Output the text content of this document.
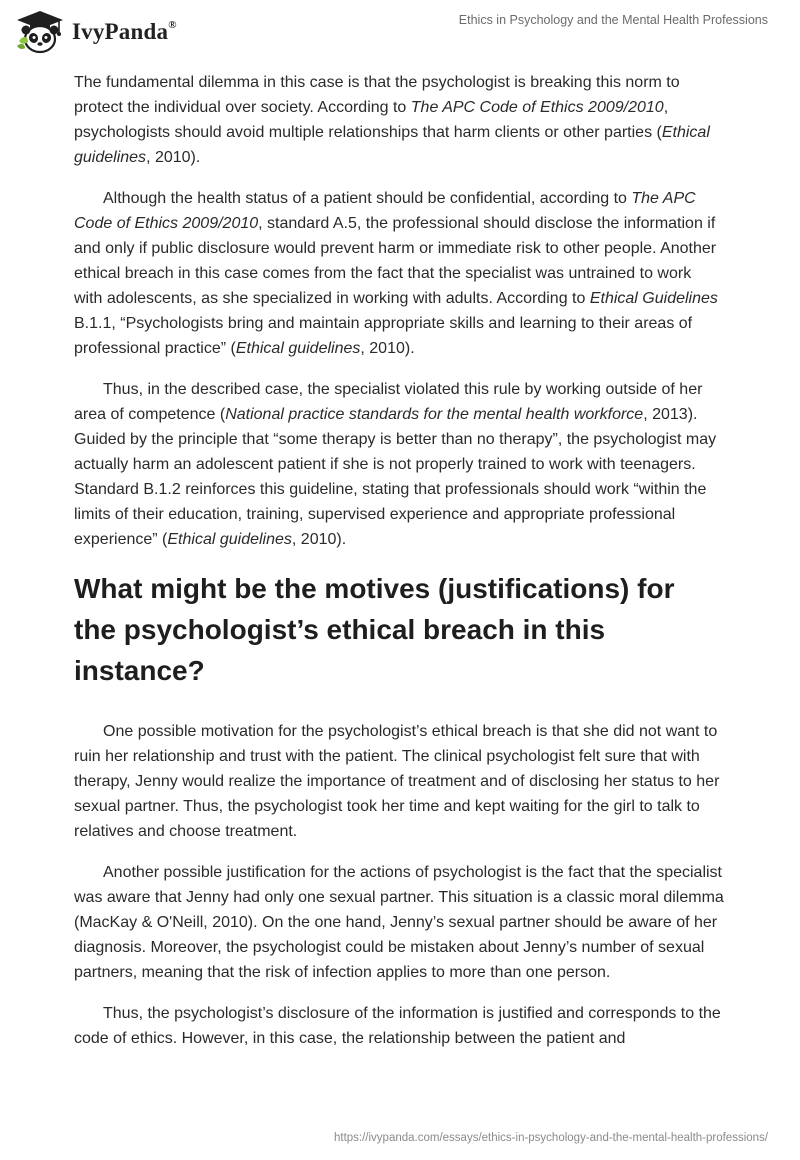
IvyPanda®	Ethics in Psychology and the Mental Health Professions

The fundamental dilemma in this case is that the psychologist is breaking this norm to protect the individual over society. According to The APC Code of Ethics 2009/2010, psychologists should avoid multiple relationships that harm clients or other parties (Ethical guidelines, 2010).

Although the health status of a patient should be confidential, according to The APC Code of Ethics 2009/2010, standard A.5, the professional should disclose the information if and only if public disclosure would prevent harm or immediate risk to other people. Another ethical breach in this case comes from the fact that the specialist was untrained to work with adolescents, as she specialized in working with adults. According to Ethical Guidelines B.1.1, “Psychologists bring and maintain appropriate skills and learning to their areas of professional practice” (Ethical guidelines, 2010).

Thus, in the described case, the specialist violated this rule by working outside of her area of competence (National practice standards for the mental health workforce, 2013). Guided by the principle that “some therapy is better than no therapy”, the psychologist may actually harm an adolescent patient if she is not properly trained to work with teenagers. Standard B.1.2 reinforces this guideline, stating that professionals should work “within the limits of their education, training, supervised experience and appropriate professional experience” (Ethical guidelines, 2010).

What might be the motives (justifications) for the psychologist’s ethical breach in this instance?

One possible motivation for the psychologist’s ethical breach is that she did not want to ruin her relationship and trust with the patient. The clinical psychologist felt sure that with therapy, Jenny would realize the importance of treatment and of disclosing her status to her sexual partner. Thus, the psychologist took her time and kept waiting for the girl to talk to relatives and choose treatment.

Another possible justification for the actions of psychologist is the fact that the specialist was aware that Jenny had only one sexual partner. This situation is a classic moral dilemma (MacKay & O'Neill, 2010). On the one hand, Jenny’s sexual partner should be aware of her diagnosis. Moreover, the psychologist could be mistaken about Jenny’s number of sexual partners, meaning that the risk of infection applies to more than one person.

Thus, the psychologist’s disclosure of the information is justified and corresponds to the code of ethics. However, in this case, the relationship between the patient and

https://ivypanda.com/essays/ethics-in-psychology-and-the-mental-health-professions/
